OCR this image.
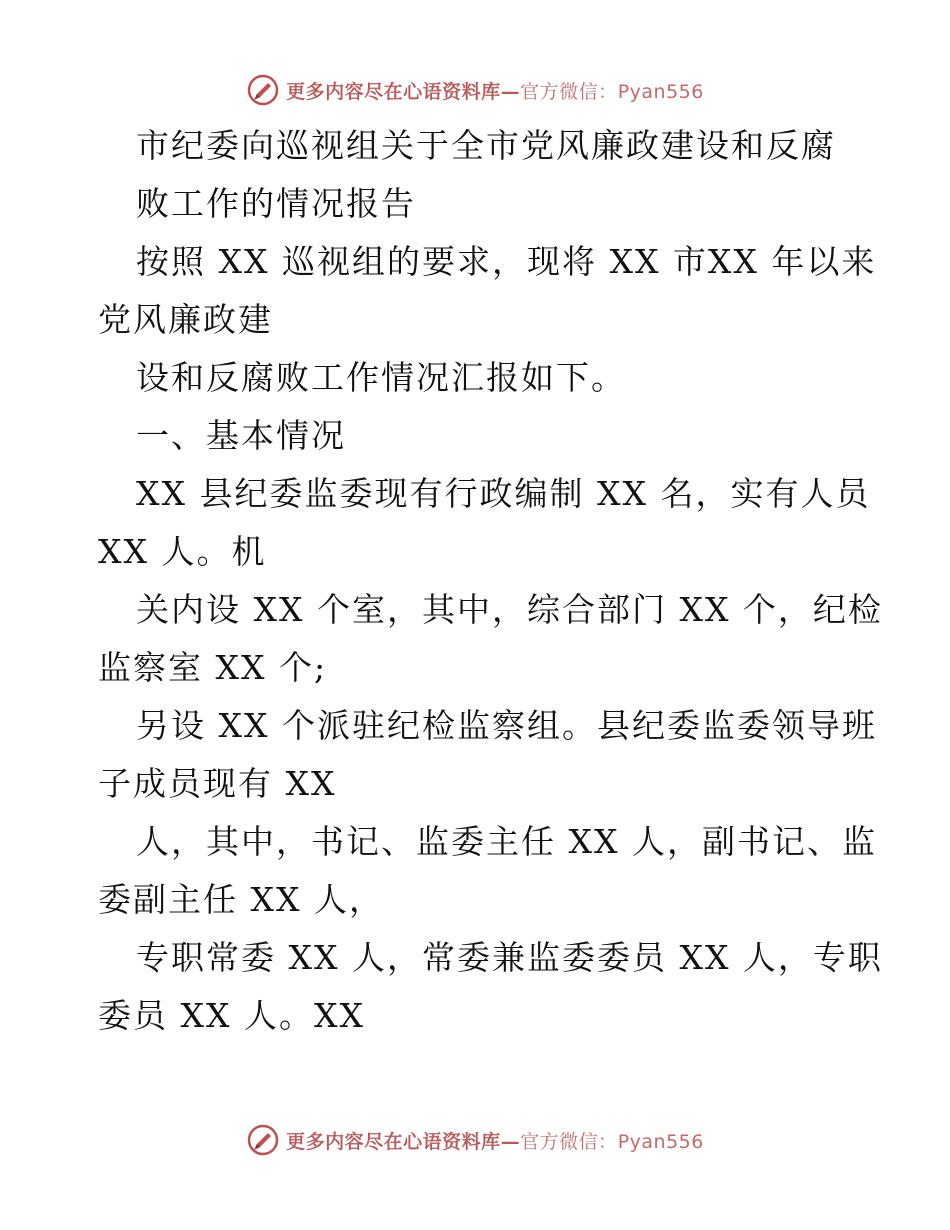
更多内容尽在心语资料库—官方微信：Pyan556
市纪委向巡视组关于全市党风廉政建设和反腐
败工作的情况报告
按照 XX 巡视组的要求，现将 XX 市XX 年以来
党风廉政建
设和反腐败工作情况汇报如下。
一、基本情况
XX 县纪委监委现有行政编制 XX 名，实有人员
XX 人。机
关内设 XX 个室，其中，综合部门 XX 个，纪检
监察室 XX 个;
另设 XX 个派驻纪检监察组。县纪委监委领导班
子成员现有 XX
人，其中，书记、监委主任 XX 人，副书记、监
委副主任 XX 人，
专职常委 XX 人，常委兼监委委员 XX 人，专职
委员 XX 人。XX
更多内容尽在心语资料库—官方微信：Pyan556
